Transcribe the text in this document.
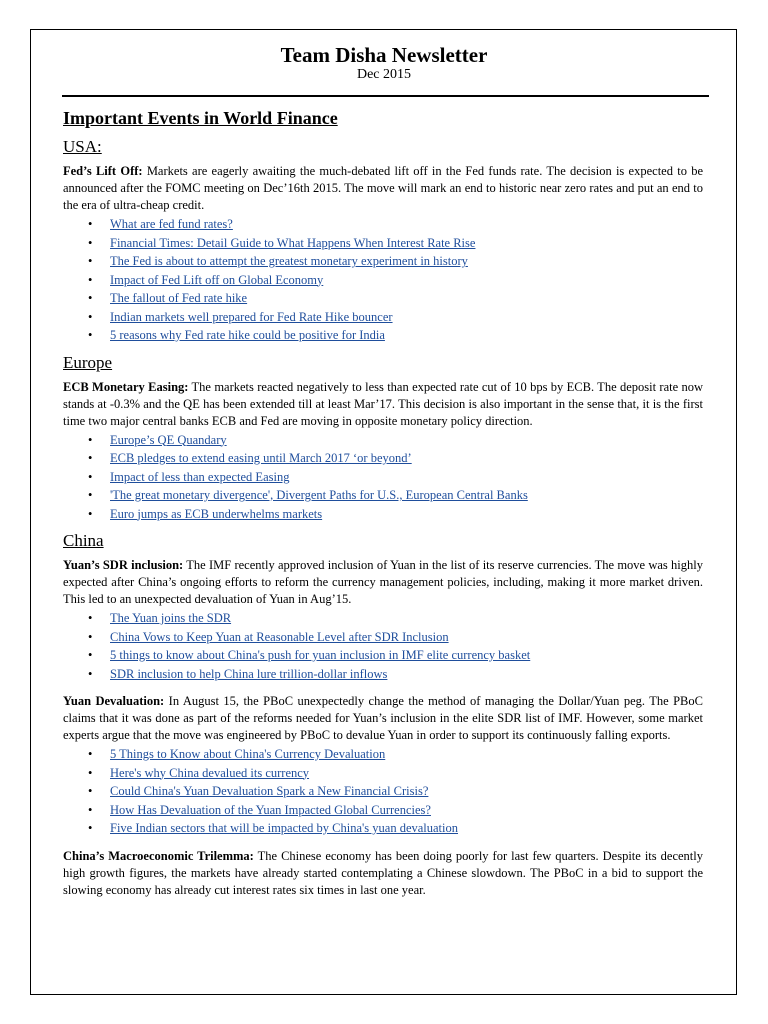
Team Disha Newsletter
Dec 2015
Important Events in World Finance
USA:

Fed’s Lift Off: Markets are eagerly awaiting the much-debated lift off in the Fed funds rate. The decision is expected to be announced after the FOMC meeting on Dec’16th 2015. The move will mark an end to historic near zero rates and put an end to the era of ultra-cheap credit.

• What are fed fund rates?
• Financial Times: Detail Guide to What Happens When Interest Rate Rise
• The Fed is about to attempt the greatest monetary experiment in history
• Impact of Fed Lift off on Global Economy
• The fallout of Fed rate hike
• Indian markets well prepared for Fed Rate Hike bouncer
• 5 reasons why Fed rate hike could be positive for India
Europe

ECB Monetary Easing: The markets reacted negatively to less than expected rate cut of 10 bps by ECB. The deposit rate now stands at -0.3% and the QE has been extended till at least Mar’17. This decision is also important in the sense that, it is the first time two major central banks ECB and Fed are moving in opposite monetary policy direction.

• Europe’s QE Quandary
• ECB pledges to extend easing until March 2017 ‘or beyond’
• Impact of less than expected Easing
• 'The great monetary divergence', Divergent Paths for U.S., European Central Banks
• Euro jumps as ECB underwhelms markets
China

Yuan’s SDR inclusion: The IMF recently approved inclusion of Yuan in the list of its reserve currencies. The move was highly expected after China’s ongoing efforts to reform the currency management policies, including, making it more market driven. This led to an unexpected devaluation of Yuan in Aug’15.

• The Yuan joins the SDR
• China Vows to Keep Yuan at Reasonable Level after SDR Inclusion
• 5 things to know about China's push for yuan inclusion in IMF elite currency basket
• SDR inclusion to help China lure trillion-dollar inflows

Yuan Devaluation: In August 15, the PBoC unexpectedly change the method of managing the Dollar/Yuan peg. The PBoC claims that it was done as part of the reforms needed for Yuan’s inclusion in the elite SDR list of IMF. However, some market experts argue that the move was engineered by PBoC to devalue Yuan in order to support its continuously falling exports.

• 5 Things to Know about China's Currency Devaluation
• Here's why China devalued its currency
• Could China's Yuan Devaluation Spark a New Financial Crisis?
• How Has Devaluation of the Yuan Impacted Global Currencies?
• Five Indian sectors that will be impacted by China's yuan devaluation

China’s Macroeconomic Trilemma: The Chinese economy has been doing poorly for last few quarters. Despite its decently high growth figures, the markets have already started contemplating a Chinese slowdown. The PBoC in a bid to support the slowing economy has already cut interest rates six times in last one year.
